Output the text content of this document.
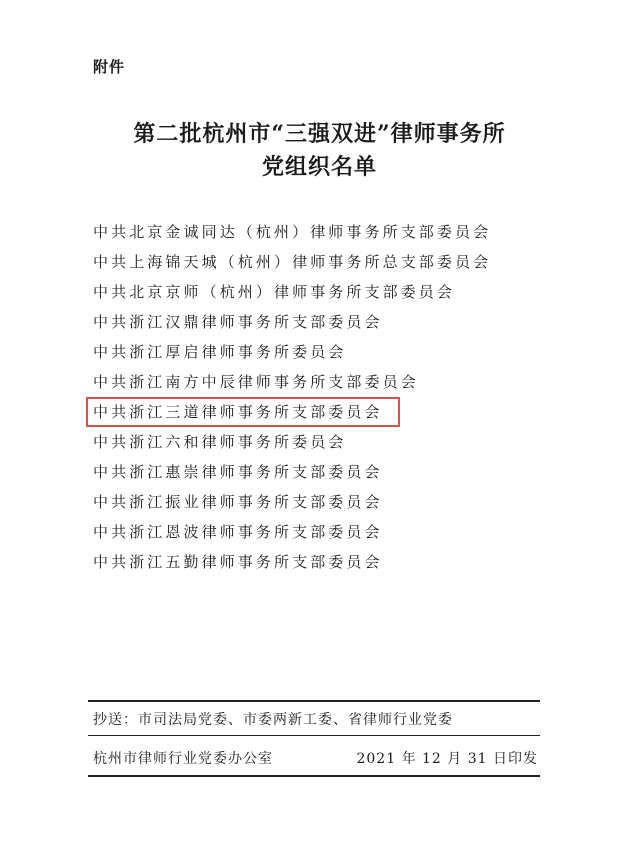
附件
第二批杭州市“三强双进”律师事务所
党组织名单
中共北京金诚同达（杭州）律师事务所支部委员会
中共上海锦天城（杭州）律师事务所总支部委员会
中共北京京师（杭州）律师事务所支部委员会
中共浙江汉鼎律师事务所支部委员会
中共浙江厚启律师事务所委员会
中共浙江南方中辰律师事务所支部委员会
中共浙江三道律师事务所支部委员会
中共浙江六和律师事务所委员会
中共浙江惠崇律师事务所支部委员会
中共浙江振业律师事务所支部委员会
中共浙江恩波律师事务所支部委员会
中共浙江五勤律师事务所支部委员会
抄送：市司法局党委、市委两新工委、省律师行业党委
杭州市律师行业党委办公室	2021 年 12 月 31 日印发
